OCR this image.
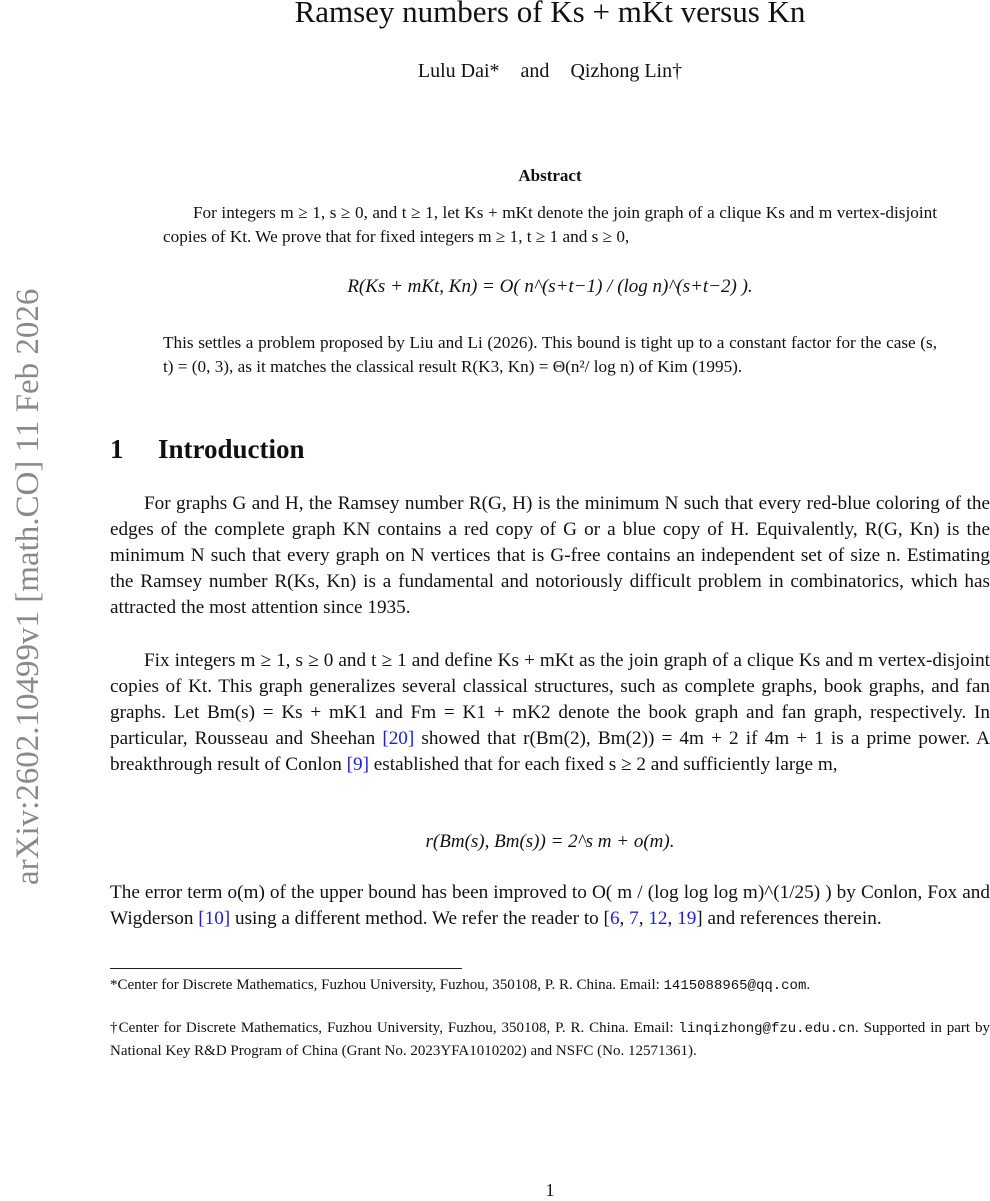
arXiv:2602.10499v1 [math.CO] 11 Feb 2026
Ramsey numbers of Ks + mKt versus Kn
Lulu Dai* and Qizhong Lin†
Abstract

For integers m ≥ 1, s ≥ 0, and t ≥ 1, let Ks + mKt denote the join graph of a clique Ks and m vertex-disjoint copies of Kt. We prove that for fixed integers m ≥ 1, t ≥ 1 and s ≥ 0,

R(Ks + mKt, Kn) = O( n^(s+t−1) / (log n)^(s+t−2) ).

This settles a problem proposed by Liu and Li (2026). This bound is tight up to a constant factor for the case (s, t) = (0, 3), as it matches the classical result R(K3, Kn) = Θ(n²/ log n) of Kim (1995).

1 Introduction

For graphs G and H, the Ramsey number R(G, H) is the minimum N such that every red-blue coloring of the edges of the complete graph KN contains a red copy of G or a blue copy of H. Equivalently, R(G, Kn) is the minimum N such that every graph on N vertices that is G-free contains an independent set of size n. Estimating the Ramsey number R(Ks, Kn) is a fundamental and notoriously difficult problem in combinatorics, which has attracted the most attention since 1935.

Fix integers m ≥ 1, s ≥ 0 and t ≥ 1 and define Ks + mKt as the join graph of a clique Ks and m vertex-disjoint copies of Kt. This graph generalizes several classical structures, such as complete graphs, book graphs, and fan graphs. Let Bm(s) = Ks + mK1 and Fm = K1 + mK2 denote the book graph and fan graph, respectively. In particular, Rousseau and Sheehan [20] showed that r(Bm(2), Bm(2)) = 4m + 2 if 4m + 1 is a prime power. A breakthrough result of Conlon [9] established that for each fixed s ≥ 2 and sufficiently large m,

r(Bm(s), Bm(s)) = 2^s m + o(m).

The error term o(m) of the upper bound has been improved to O( m / (log log log m)^(1/25) ) by Conlon, Fox and Wigderson [10] using a different method. We refer the reader to [6, 7, 12, 19] and references therein.

*Center for Discrete Mathematics, Fuzhou University, Fuzhou, 350108, P. R. China. Email: 1415088965@qq.com.

†Center for Discrete Mathematics, Fuzhou University, Fuzhou, 350108, P. R. China. Email: linqizhong@fzu.edu.cn. Supported in part by National Key R&D Program of China (Grant No. 2023YFA1010202) and NSFC (No. 12571361).

1
